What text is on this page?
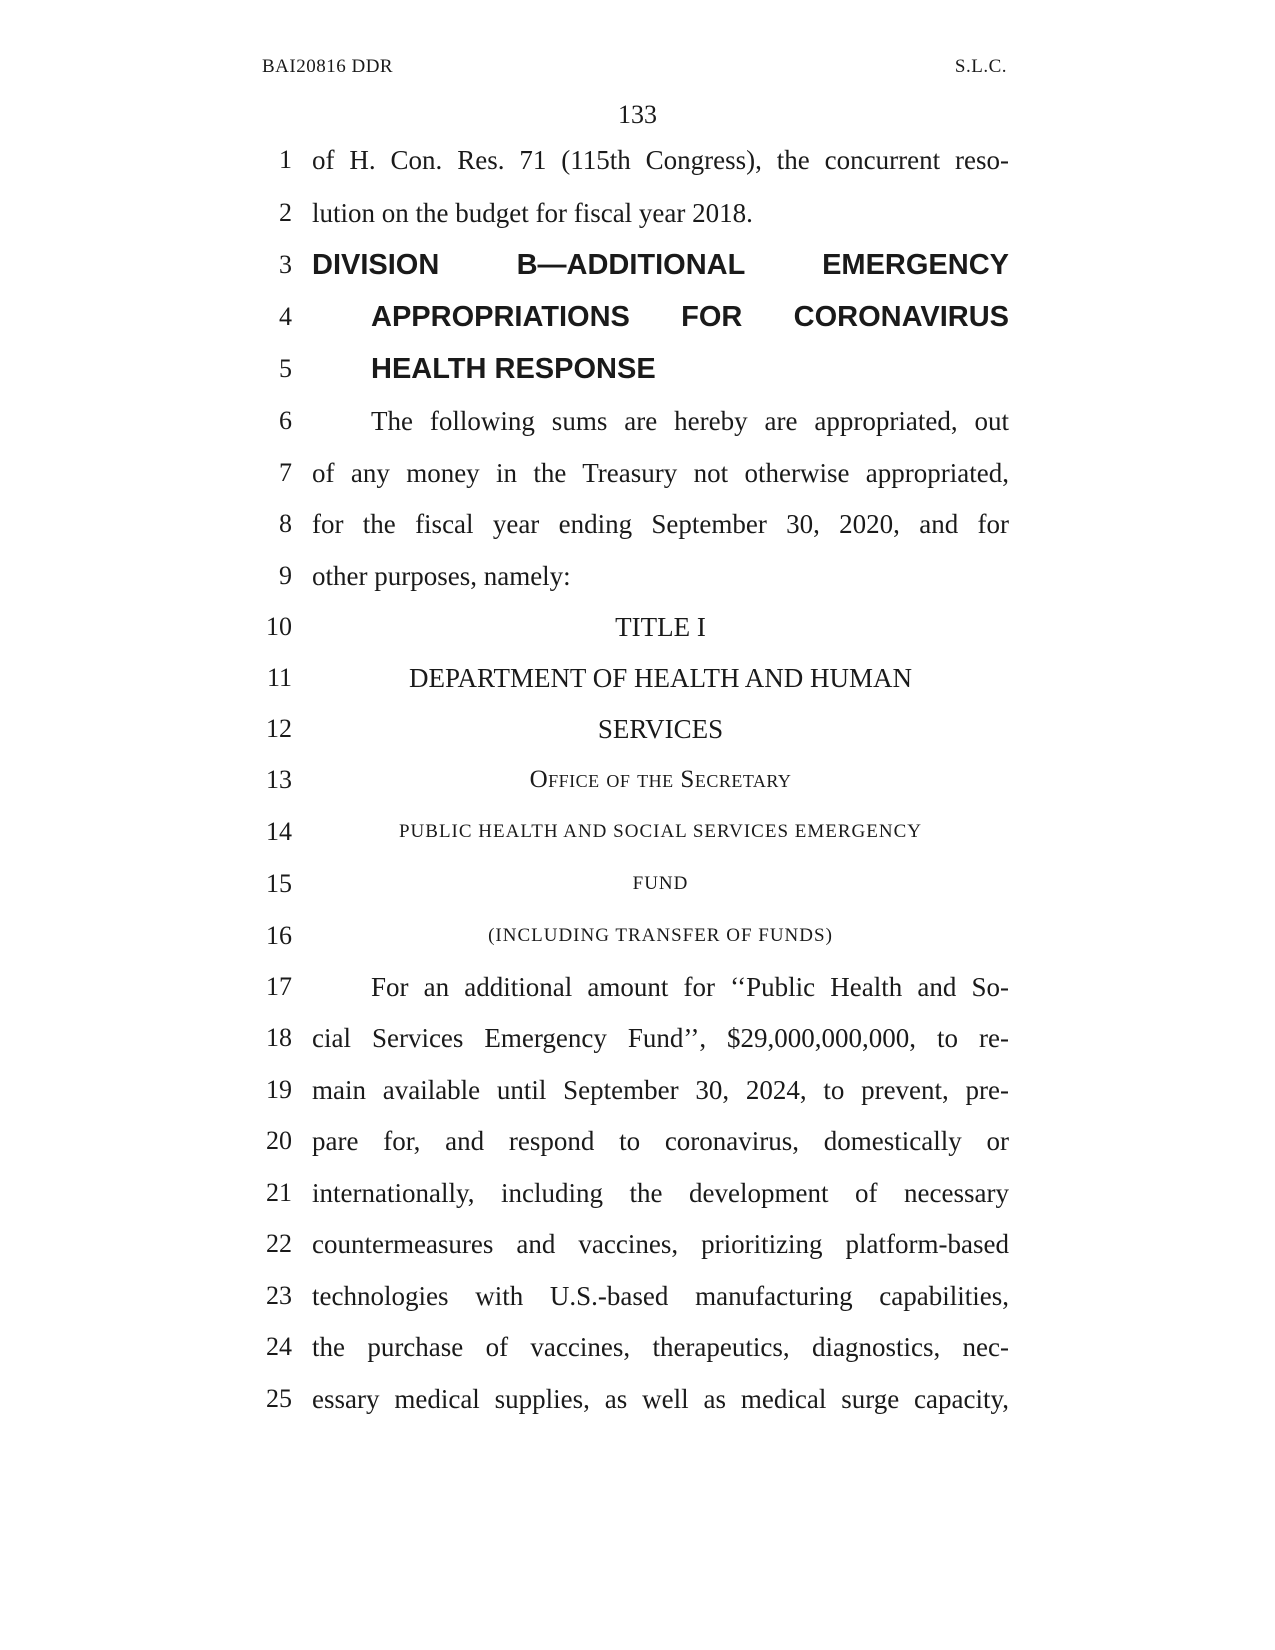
BAI20816 DDR	S.L.C.
133
1 of H. Con. Res. 71 (115th Congress), the concurrent reso-
2 lution on the budget for fiscal year 2018.
3 DIVISION B—ADDITIONAL EMERGENCY
4	APPROPRIATIONS FOR CORONAVIRUS
5	HEALTH RESPONSE
6	The following sums are hereby are appropriated, out
7 of any money in the Treasury not otherwise appropriated,
8 for the fiscal year ending September 30, 2020, and for
9 other purposes, namely:
10	TITLE I
11	DEPARTMENT OF HEALTH AND HUMAN
12	SERVICES
13	Office of the Secretary
14	PUBLIC HEALTH AND SOCIAL SERVICES EMERGENCY
15	FUND
16	(INCLUDING TRANSFER OF FUNDS)
17	For an additional amount for ‘‘Public Health and So-
18 cial Services Emergency Fund’’, $29,000,000,000, to re-
19 main available until September 30, 2024, to prevent, pre-
20 pare for, and respond to coronavirus, domestically or
21 internationally, including the development of necessary
22 countermeasures and vaccines, prioritizing platform-based
23 technologies with U.S.-based manufacturing capabilities,
24 the purchase of vaccines, therapeutics, diagnostics, nec-
25 essary medical supplies, as well as medical surge capacity,
